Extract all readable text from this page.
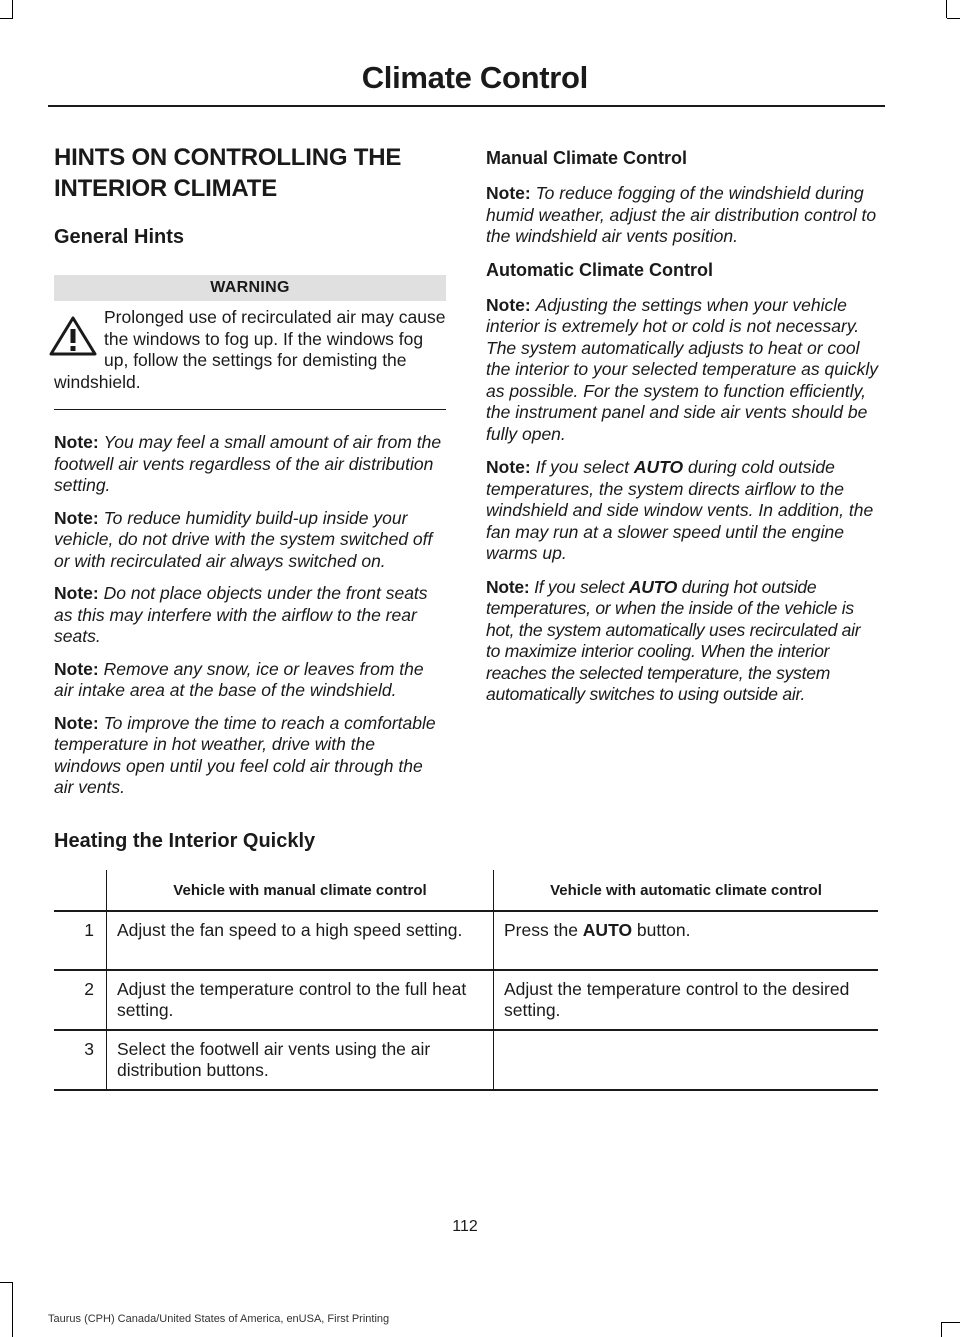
Climate Control
HINTS ON CONTROLLING THE
INTERIOR CLIMATE
General Hints
WARNING
Prolonged use of recirculated air may cause the windows to fog up. If the windows fog up, follow the settings for demisting the windshield.

Note: You may feel a small amount of air from the footwell air vents regardless of the air distribution setting.

Note: To reduce humidity build-up inside your vehicle, do not drive with the system switched off or with recirculated air always switched on.

Note: Do not place objects under the front seats as this may interfere with the airflow to the rear seats.

Note: Remove any snow, ice or leaves from the air intake area at the base of the windshield.

Note: To improve the time to reach a comfortable temperature in hot weather, drive with the windows open until you feel cold air through the air vents.

Manual Climate Control

Note: To reduce fogging of the windshield during humid weather, adjust the air distribution control to the windshield air vents position.

Automatic Climate Control

Note: Adjusting the settings when your vehicle interior is extremely hot or cold is not necessary. The system automatically adjusts to heat or cool the interior to your selected temperature as quickly as possible. For the system to function efficiently, the instrument panel and side air vents should be fully open.

Note: If you select AUTO during cold outside temperatures, the system directs airflow to the windshield and side window vents. In addition, the fan may run at a slower speed until the engine warms up.

Note: If you select AUTO during hot outside temperatures, or when the inside of the vehicle is hot, the system automatically uses recirculated air to maximize interior cooling. When the interior reaches the selected temperature, the system automatically switches to using outside air.

Heating the Interior Quickly
	Vehicle with manual climate control	Vehicle with automatic climate control
1	Adjust the fan speed to a high speed setting.	Press the AUTO button.
2	Adjust the temperature control to the full heat setting.	Adjust the temperature control to the desired setting.
3	Select the footwell air vents using the air distribution buttons.	
112
Taurus (CPH) Canada/United States of America, enUSA, First Printing
